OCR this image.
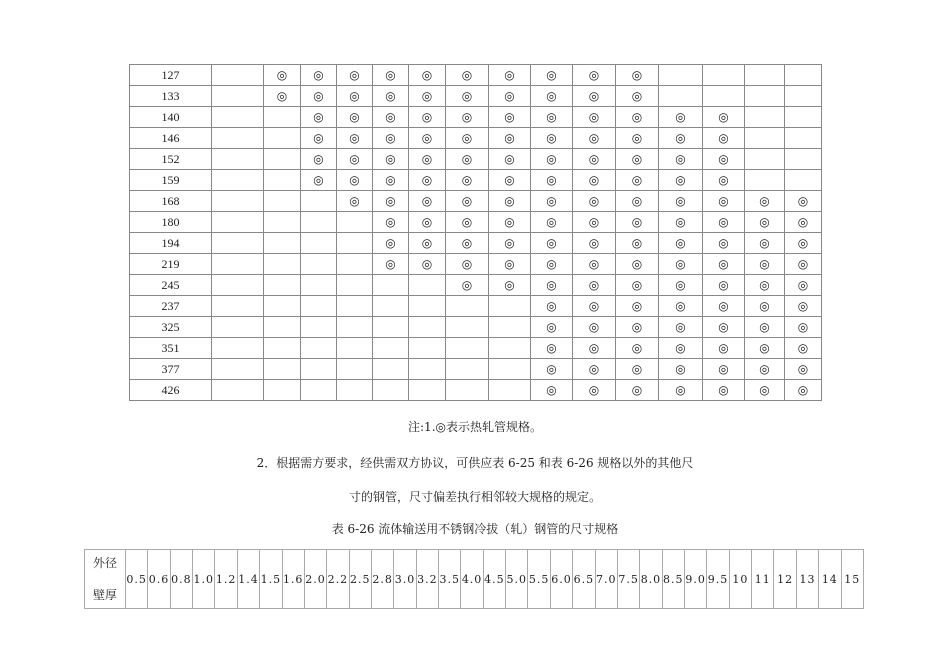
127		◎	◎	◎	◎	◎	◎	◎	◎	◎	◎				
133		◎	◎	◎	◎	◎	◎	◎	◎	◎	◎				
140			◎	◎	◎	◎	◎	◎	◎	◎	◎	◎	◎		
146			◎	◎	◎	◎	◎	◎	◎	◎	◎	◎	◎		
152			◎	◎	◎	◎	◎	◎	◎	◎	◎	◎	◎		
159			◎	◎	◎	◎	◎	◎	◎	◎	◎	◎	◎		
168				◎	◎	◎	◎	◎	◎	◎	◎	◎	◎	◎	◎
180					◎	◎	◎	◎	◎	◎	◎	◎	◎	◎	◎
194					◎	◎	◎	◎	◎	◎	◎	◎	◎	◎	◎
219					◎	◎	◎	◎	◎	◎	◎	◎	◎	◎	◎
245							◎	◎	◎	◎	◎	◎	◎	◎	◎
237									◎	◎	◎	◎	◎	◎	◎
325									◎	◎	◎	◎	◎	◎	◎
351									◎	◎	◎	◎	◎	◎	◎
377									◎	◎	◎	◎	◎	◎	◎
426									◎	◎	◎	◎	◎	◎	◎
注:1.◎表示热轧管规格。
2．根据需方要求，经供需双方协议，可供应表 6-25 和表 6-26 规格以外的其他尺
寸的钢管，尺寸偏差执行相邻较大规格的规定。
表 6-26 流体输送用不锈钢冷拔（轧）钢管的尺寸规格
外径
壁厚
	0.5	0.6	0.8	1.0	1.2	1.4	1.5	1.6	2.0	2.2	2.5	2.8	3.0	3.2	3.5	4.0	4.5	5.0	5.5	6.0	6.5	7.0	7.5	8.0	8.5	9.0	9.5	10	11	12	13	14	15
